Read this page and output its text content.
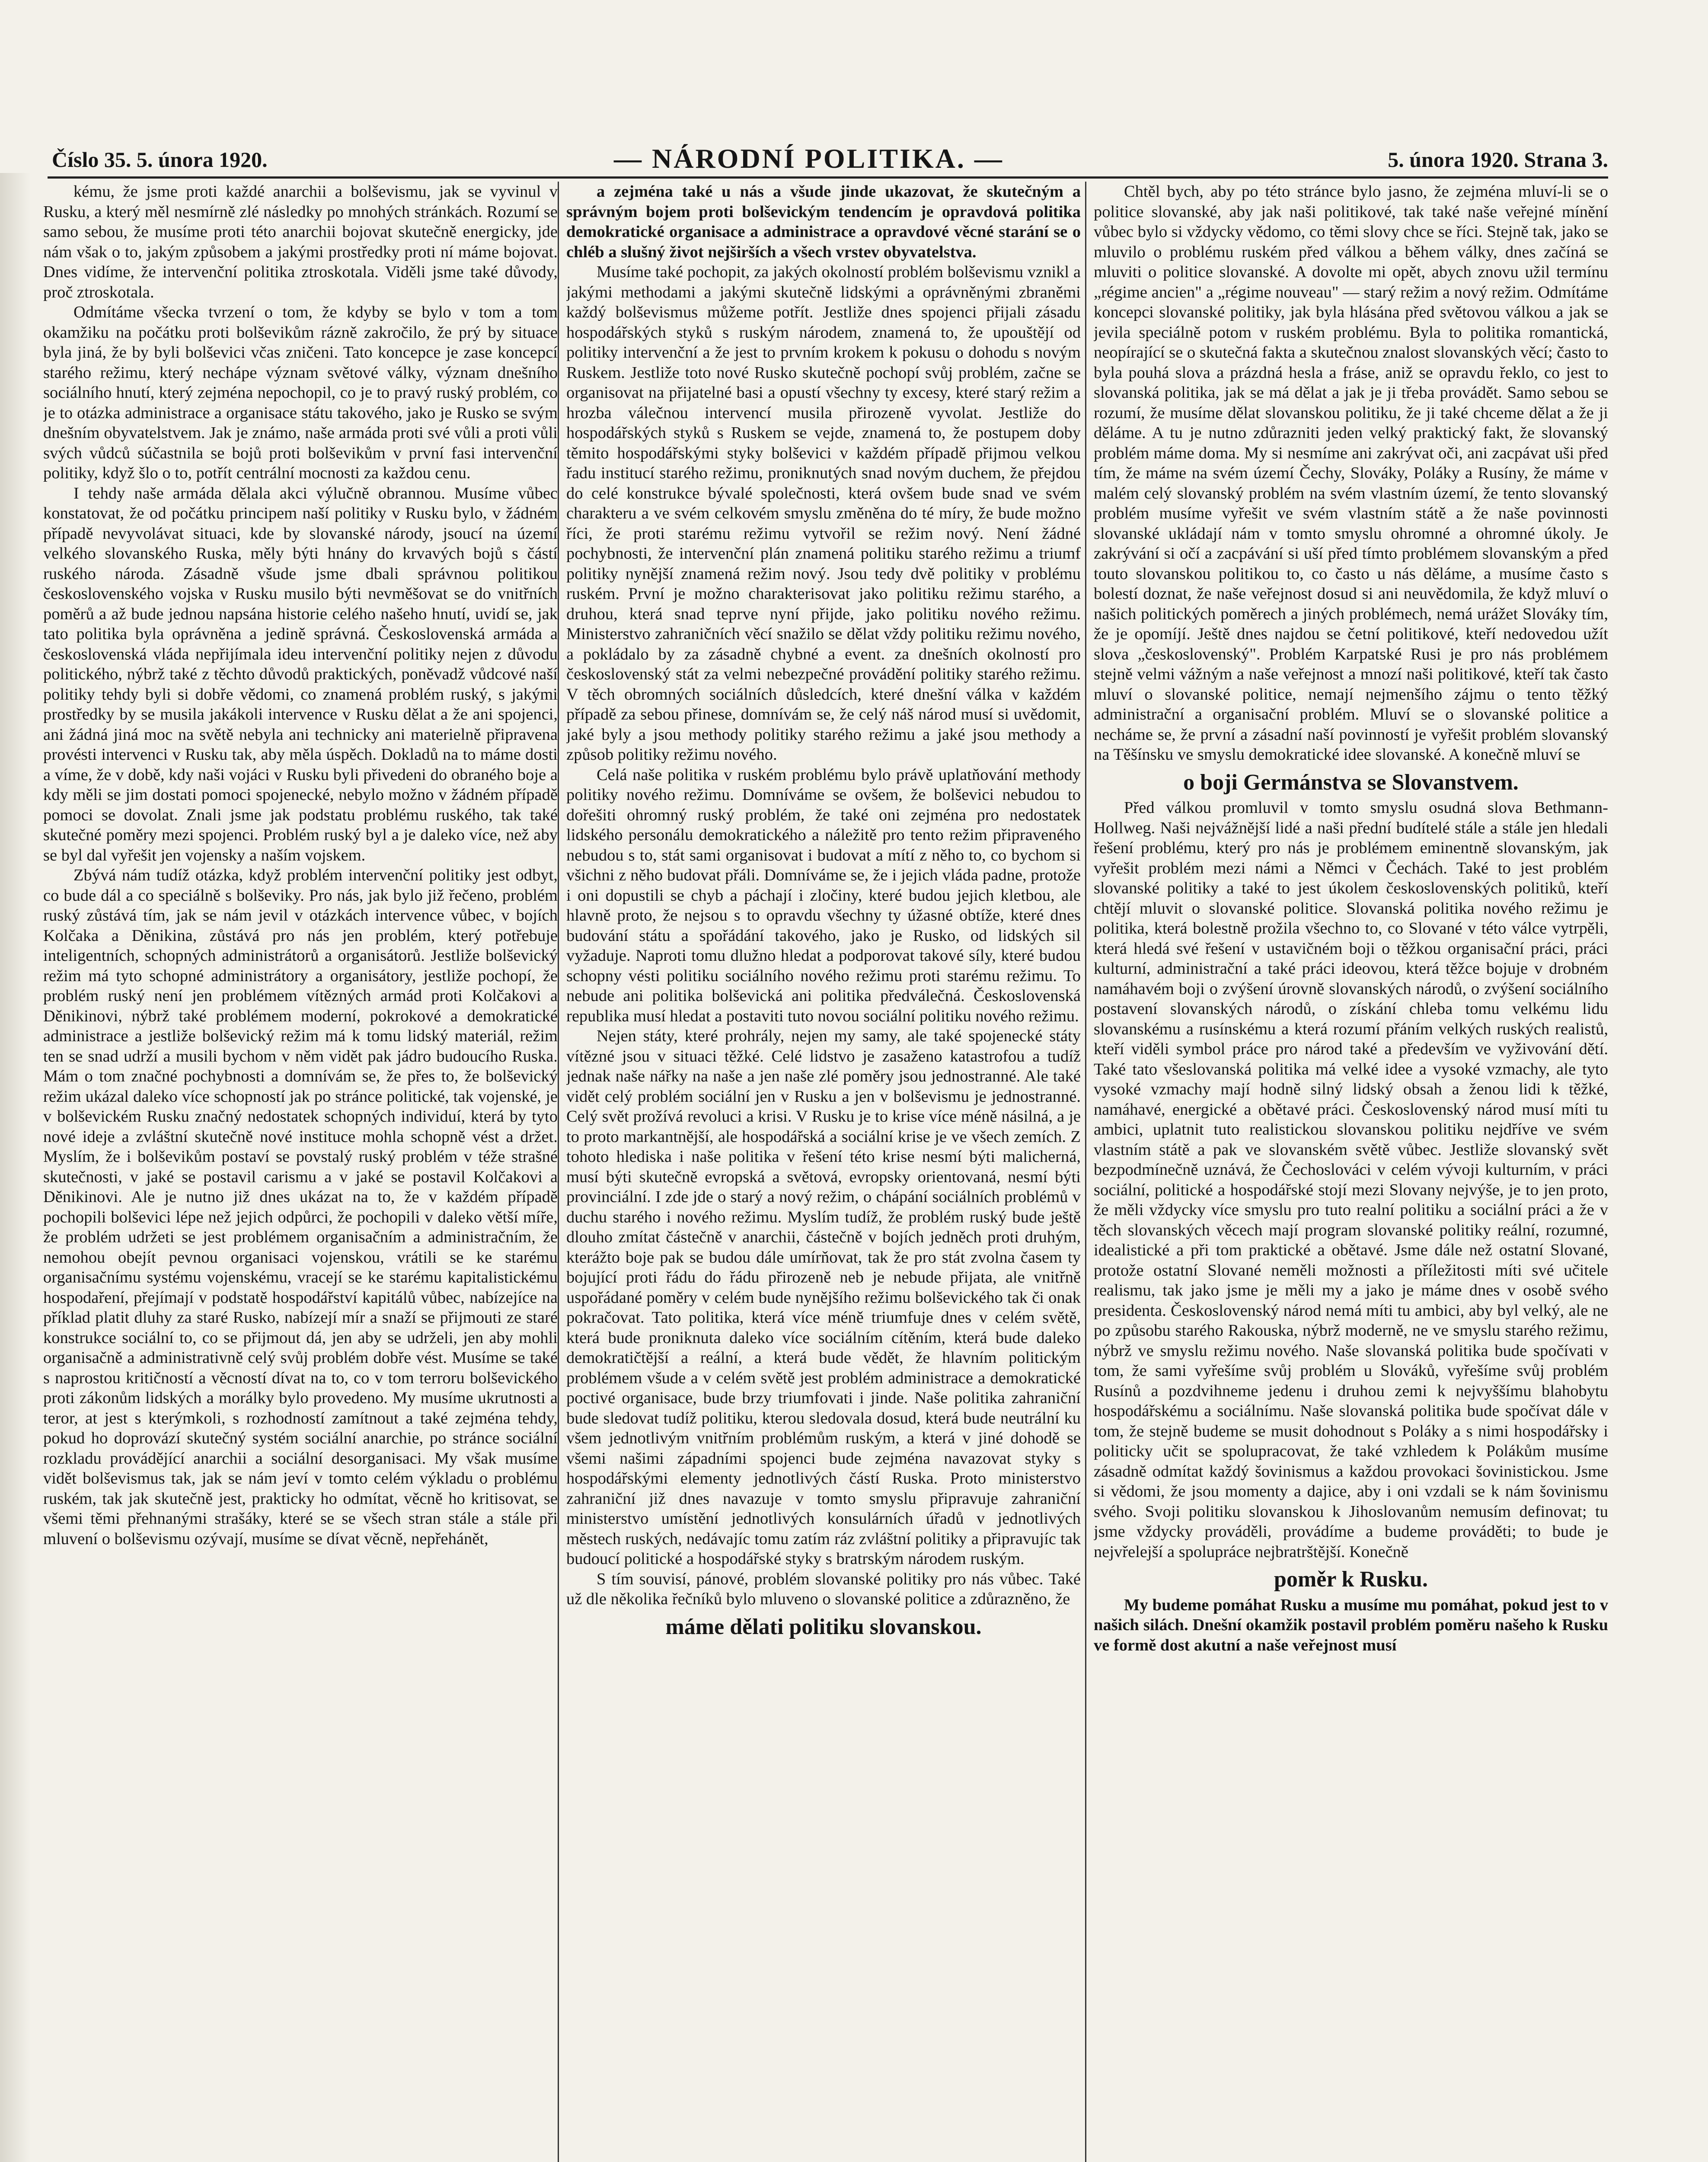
Číslo 35. 5. února 1920.	— NÁRODNÍ POLITIKA. —	5. února 1920. Strana 3.

kému, že jsme proti každé anarchii a bolševismu, jak se vyvinul v Rusku, a který měl nesmírně zlé následky po mnohých stránkách. Rozumí se samo sebou, že musíme proti této anarchii bojovat skutečně energicky, jde nám však o to, jakým způsobem a jakými prostředky proti ní máme bojovat. Dnes vidíme, že intervenční politika ztroskotala. Viděli jsme také důvody, proč ztroskotala.

Odmítáme všecka tvrzení o tom, že kdyby se bylo v tom a tom okamžiku na počátku proti bolševikům rázně zakročilo, že prý by situace byla jiná, že by byli bolševici včas zničeni. Tato koncepce je zase koncepcí starého režimu, který nechápe význam světové války, význam dnešního sociálního hnutí, který zejména nepochopil, co je to pravý ruský problém, co je to otázka administrace a organisace státu takového, jako je Rusko se svým dnešním obyvatelstvem. Jak je známo, naše armáda proti své vůli a proti vůli svých vůdců súčastnila se bojů proti bolševikům v první fasi intervenční politiky, když šlo o to, potřít centrální mocnosti za každou cenu.

I tehdy naše armáda dělala akci výlučně obrannou. Musíme vůbec konstatovat, že od počátku principem naší politiky v Rusku bylo, v žádném případě nevyvolávat situaci, kde by slovanské národy, jsoucí na území velkého slovanského Ruska, měly býti hnány do krvavých bojů s částí ruského národa. Zásadně všude jsme dbali správnou politikou československého vojska v Rusku musilo býti nevměšovat se do vnitřních poměrů a až bude jednou napsána historie celého našeho hnutí, uvidí se, jak tato politika byla oprávněna a jedině správná. Československá armáda a československá vláda nepřijímala ideu intervenční politiky nejen z důvodu politického, nýbrž také z těchto důvodů praktických, poněvadž vůdcové naší politiky tehdy byli si dobře vědomi, co znamená problém ruský, s jakými prostředky by se musila jakákoli intervence v Rusku dělat a že ani spojenci, ani žádná jiná moc na světě nebyla ani technicky ani materielně připravena provésti intervenci v Rusku tak, aby měla úspěch. Dokladů na to máme dosti a víme, že v době, kdy naši vojáci v Rusku byli přivedeni do obraného boje a kdy měli se jim dostati pomoci spojenecké, nebylo možno v žádném případě pomoci se dovolat. Znali jsme jak podstatu problému ruského, tak také skutečné poměry mezi spojenci. Problém ruský byl a je daleko více, než aby se byl dal vyřešit jen vojensky a naším vojskem.

Zbývá nám tudíž otázka, když problém intervenční politiky jest odbyt, co bude dál a co speciálně s bolševiky. Pro nás, jak bylo již řečeno, problém ruský zůstává tím, jak se nám jevil v otázkách intervence vůbec, v bojích Kolčaka a Děnikina, zůstává pro nás jen problém, který potřebuje inteligentních, schopných administrátorů a organisátorů. Jestliže bolševický režim má tyto schopné administrátory a organisátory, jestliže pochopí, že problém ruský není jen problémem vítězných armád proti Kolčakovi a Děnikinovi, nýbrž také problémem moderní, pokrokové a demokratické administrace a jestliže bolševický režim má k tomu lidský materiál, režim ten se snad udrží a musili bychom v něm vidět pak jádro budoucího Ruska. Mám o tom značné pochybnosti a domnívám se, že přes to, že bolševický režim ukázal daleko více schopností jak po stránce politické, tak vojenské, je v bolševickém Rusku značný nedostatek schopných individuí, která by tyto nové ideje a zvláštní skutečně nové instituce mohla schopně vést a držet. Myslím, že i bolševikům postaví se povstalý ruský problém v téže strašné skutečnosti, v jaké se postavil carismu a v jaké se postavil Kolčakovi a Děnikinovi. Ale je nutno již dnes ukázat na to, že v každém případě pochopili bolševici lépe než jejich odpůrci, že pochopili v daleko větší míře, že problém udržeti se jest problémem organisačním a administračním, že nemohou obejít pevnou organisaci vojenskou, vrátili se ke starému organisačnímu systému vojenskému, vracejí se ke starému kapitalistickému hospodaření, přejímají v podstatě hospodářství kapitálů vůbec, nabízejíce na příklad platit dluhy za staré Rusko, nabízejí mír a snaží se přijmouti ze staré konstrukce sociální to, co se přijmout dá, jen aby se udrželi, jen aby mohli organisačně a administrativně celý svůj problém dobře vést. Musíme se také s naprostou kritičností a věcností dívat na to, co v tom terroru bolševického proti zákonům lidských a morálky bylo provedeno. My musíme ukrutnosti a teror, at jest s kterýmkoli, s rozhodností zamítnout a také zejména tehdy, pokud ho doprovází skutečný systém sociální anarchie, po stránce sociální rozkladu provádějící anarchii a sociální desorganisaci. My však musíme vidět bolševismus tak, jak se nám jeví v tomto celém výkladu o problému ruském, tak jak skutečně jest, prakticky ho odmítat, věcně ho kritisovat, se všemi těmi přehnanými strašáky, které se se všech stran stále a stále při mluvení o bolševismu ozývají, musíme se dívat věcně, nepřehánět,

a zejména také u nás a všude jinde ukazovat, že skutečným a správným bojem proti bolševickým tendencím je opravdová politika demokratické organisace a administrace a opravdové věcné starání se o chléb a slušný život nejširších a všech vrstev obyvatelstva.

Musíme také pochopit, za jakých okolností problém bolševismu vznikl a jakými methodami a jakými skutečně lidskými a oprávněnými zbraněmi každý bolševismus můžeme potřít. Jestliže dnes spojenci přijali zásadu hospodářských styků s ruským národem, znamená to, že upouštějí od politiky intervenční a že jest to prvním krokem k pokusu o dohodu s novým Ruskem. Jestliže toto nové Rusko skutečně pochopí svůj problém, začne se organisovat na přijatelné basi a opustí všechny ty excesy, které starý režim a hrozba válečnou intervencí musila přirozeně vyvolat. Jestliže do hospodářských styků s Ruskem se vejde, znamená to, že postupem doby těmito hospodářskými styky bolševici v každém případě přijmou velkou řadu institucí starého režimu, proniknutých snad novým duchem, že přejdou do celé konstrukce bývalé společnosti, která ovšem bude snad ve svém charakteru a ve svém celkovém smyslu změněna do té míry, že bude možno říci, že proti starému režimu vytvořil se režim nový. Není žádné pochybnosti, že intervenční plán znamená politiku starého režimu a triumf politiky nynější znamená režim nový. Jsou tedy dvě politiky v problému ruském. První je možno charakterisovat jako politiku režimu starého, a druhou, která snad teprve nyní přijde, jako politiku nového režimu. Ministerstvo zahraničních věcí snažilo se dělat vždy politiku režimu nového, a pokládalo by za zásadně chybné a event. za dnešních okolností pro československý stát za velmi nebezpečné provádění politiky starého režimu. V těch obromných sociálních důsledcích, které dnešní válka v každém případě za sebou přinese, domnívám se, že celý náš národ musí si uvědomit, jaké byly a jsou methody politiky starého režimu a jaké jsou methody a způsob politiky režimu nového.

Celá naše politika v ruském problému bylo právě uplatňování methody politiky nového režimu. Domníváme se ovšem, že bolševici nebudou to dořešiti ohromný ruský problém, že také oni zejména pro nedostatek lidského personálu demokratického a náležitě pro tento režim připraveného nebudou s to, stát sami organisovat i budovat a mítí z něho to, co bychom si všichni z něho budovat přáli. Domníváme se, že i jejich vláda padne, protože i oni dopustili se chyb a páchají i zločiny, které budou jejich kletbou, ale hlavně proto, že nejsou s to opravdu všechny ty úžasné obtíže, které dnes budování státu a spořádání takového, jako je Rusko, od lidských sil vyžaduje. Naproti tomu dlužno hledat a podporovat takové síly, které budou schopny vésti politiku sociálního nového režimu proti starému režimu. To nebude ani politika bolševická ani politika předválečná. Československá republika musí hledat a postaviti tuto novou sociální politiku nového režimu.

Nejen státy, které prohrály, nejen my samy, ale také spojenecké státy vítězné jsou v situaci těžké. Celé lidstvo je zasaženo katastrofou a tudíž jednak naše nářky na naše a jen naše zlé poměry jsou jednostranné. Ale také vidět celý problém sociální jen v Rusku a jen v bolševismu je jednostranné. Celý svět prožívá revoluci a krisi. V Rusku je to krise více méně násilná, a je to proto markantnější, ale hospodářská a sociální krise je ve všech zemích. Z tohoto hlediska i naše politika v řešení této krise nesmí býti malicherná, musí býti skutečně evropská a světová, evropsky orientovaná, nesmí býti provinciální. I zde jde o starý a nový režim, o chápání sociálních problémů v duchu starého i nového režimu. Myslím tudíž, že problém ruský bude ještě dlouho zmítat částečně v anarchii, částečně v bojích jedněch proti druhým, kterážto boje pak se budou dále umírňovat, tak že pro stát zvolna časem ty bojující proti řádu do řádu přirozeně neb je nebude přijata, ale vnitřně uspořádané poměry v celém bude nynějšího režimu bolševického tak či onak pokračovat. Tato politika, která více méně triumfuje dnes v celém světě, která bude proniknuta daleko více sociálním cítěním, která bude daleko demokratičtější a reální, a která bude vědět, že hlavním politickým problémem všude a v celém světě jest problém administrace a demokratické poctivé organisace, bude brzy triumfovati i jinde. Naše politika zahraniční bude sledovat tudíž politiku, kterou sledovala dosud, která bude neutrální ku všem jednotlivým vnitřním problémům ruským, a která v jiné dohodě se všemi našimi západními spojenci bude zejména navazovat styky s hospodářskými elementy jednotlivých částí Ruska. Proto ministerstvo zahraniční již dnes navazuje v tomto smyslu připravuje zahraniční ministerstvo umístění jednotlivých konsulárních úřadů v jednotlivých městech ruských, nedávajíc tomu zatím ráz zvláštní politiky a připravujíc tak budoucí politické a hospodářské styky s bratrským národem ruským.

S tím souvisí, pánové, problém slovanské politiky pro nás vůbec. Také už dle několika řečníků bylo mluveno o slovanské politice a zdůrazněno, že

máme dělati politiku slovanskou.

Chtěl bych, aby po této stránce bylo jasno, že zejména mluví-li se o politice slovanské, aby jak naši politikové, tak také naše veřejné mínění vůbec bylo si vždycky vědomo, co těmi slovy chce se říci. Stejně tak, jako se mluvilo o problému ruském před válkou a během války, dnes začíná se mluviti o politice slovanské. A dovolte mi opět, abych znovu užil termínu „régime ancien" a „régime nouveau" — starý režim a nový režim. Odmítáme koncepci slovanské politiky, jak byla hlásána před světovou válkou a jak se jevila speciálně potom v ruském problému. Byla to politika romantická, neopírající se o skutečná fakta a skutečnou znalost slovanských věcí; často to byla pouhá slova a prázdná hesla a fráse, aniž se opravdu řeklo, co jest to slovanská politika, jak se má dělat a jak je ji třeba provádět. Samo sebou se rozumí, že musíme dělat slovanskou politiku, že ji také chceme dělat a že ji děláme. A tu je nutno zdůrazniti jeden velký praktický fakt, že slovanský problém máme doma. My si nesmíme ani zakrývat oči, ani zacpávat uši před tím, že máme na svém území Čechy, Slováky, Poláky a Rusíny, že máme v malém celý slovanský problém na svém vlastním území, že tento slovanský problém musíme vyřešit ve svém vlastním státě a že naše povinnosti slovanské ukládají nám v tomto smyslu ohromné a ohromné úkoly. Je zakrývání si očí a zacpávání si uší před tímto problémem slovanským a před touto slovanskou politikou to, co často u nás děláme, a musíme často s bolestí doznat, že naše veřejnost dosud si ani neuvědomila, že když mluví o našich politických poměrech a jiných problémech, nemá urážet Slováky tím, že je opomíjí. Ještě dnes najdou se četní politikové, kteří nedovedou užít slova „československý". Problém Karpatské Rusi je pro nás problémem stejně velmi vážným a naše veřejnost a mnozí naši politikové, kteří tak často mluví o slovanské politice, nemají nejmenšího zájmu o tento těžký administrační a organisační problém. Mluví se o slovanské politice a necháme se, že první a zásadní naší povinností je vyřešit problém slovanský na Těšínsku ve smyslu demokratické idee slovanské. A konečně mluví se

o boji Germánstva se Slovanstvem.

Před válkou promluvil v tomto smyslu osudná slova Bethmann-Hollweg. Naši nejvážnější lidé a naši přední budítelé stále a stále jen hledali řešení problému, který pro nás je problémem eminentně slovanským, jak vyřešit problém mezi námi a Němci v Čechách. Také to jest problém slovanské politiky a také to jest úkolem československých politiků, kteří chtějí mluvit o slovanské politice. Slovanská politika nového režimu je politika, která bolestně prožila všechno to, co Slované v této válce vytrpěli, která hledá své řešení v ustavičném boji o těžkou organisační práci, práci kulturní, administrační a také práci ideovou, která těžce bojuje v drobném namáhavém boji o zvýšení úrovně slovanských národů, o zvýšení sociálního postavení slovanských národů, o získání chleba tomu velkému lidu slovanskému a rusínskému a která rozumí přáním velkých ruských realistů, kteří viděli symbol práce pro národ také a především ve vyživování dětí. Také tato všeslovanská politika má velké idee a vysoké vzmachy, ale tyto vysoké vzmachy mají hodně silný lidský obsah a ženou lidi k těžké, namáhavé, energické a obětavé práci. Československý národ musí míti tu ambici, uplatnit tuto realistickou slovanskou politiku nejdříve ve svém vlastním státě a pak ve slovanském světě vůbec. Jestliže slovanský svět bezpodmínečně uznává, že Čechoslováci v celém vývoji kulturním, v práci sociální, politické a hospodářské stojí mezi Slovany nejvýše, je to jen proto, že měli vždycky více smyslu pro tuto realní politiku a sociální práci a že v těch slovanských věcech mají program slovanské politiky reální, rozumné, idealistické a při tom praktické a obětavé. Jsme dále než ostatní Slované, protože ostatní Slované neměli možnosti a příležitosti míti své učitele realismu, tak jako jsme je měli my a jako je máme dnes v osobě svého presidenta. Československý národ nemá míti tu ambici, aby byl velký, ale ne po způsobu starého Rakouska, nýbrž moderně, ne ve smyslu starého režimu, nýbrž ve smyslu režimu nového. Naše slovanská politika bude spočívati v tom, že sami vyřešíme svůj problém u Slováků, vyřešíme svůj problém Rusínů a pozdvihneme jedenu i druhou zemi k nejvyššímu blahobytu hospodářskému a sociálnímu. Naše slovanská politika bude spočívat dále v tom, že stejně budeme se musit dohodnout s Poláky a s nimi hospodářsky i politicky učit se spolupracovat, že také vzhledem k Polákům musíme zásadně odmítat každý šovinismus a každou provokaci šovinistickou. Jsme si vědomi, že jsou momenty a dajice, aby i oni vzdali se k nám šovinismu svého. Svoji politiku slovanskou k Jihoslovanům nemusím definovat; tu jsme vždycky prováděli, provádíme a budeme prováděti; to bude je nejvřelejší a spolupráce nejbratrštější. Konečně

poměr k Rusku.

My budeme pomáhat Rusku a musíme mu pomáhat, pokud jest to v našich silách. Dnešní okamžik postavil problém poměru našeho k Rusku ve formě dost akutní a naše veřejnost musí
